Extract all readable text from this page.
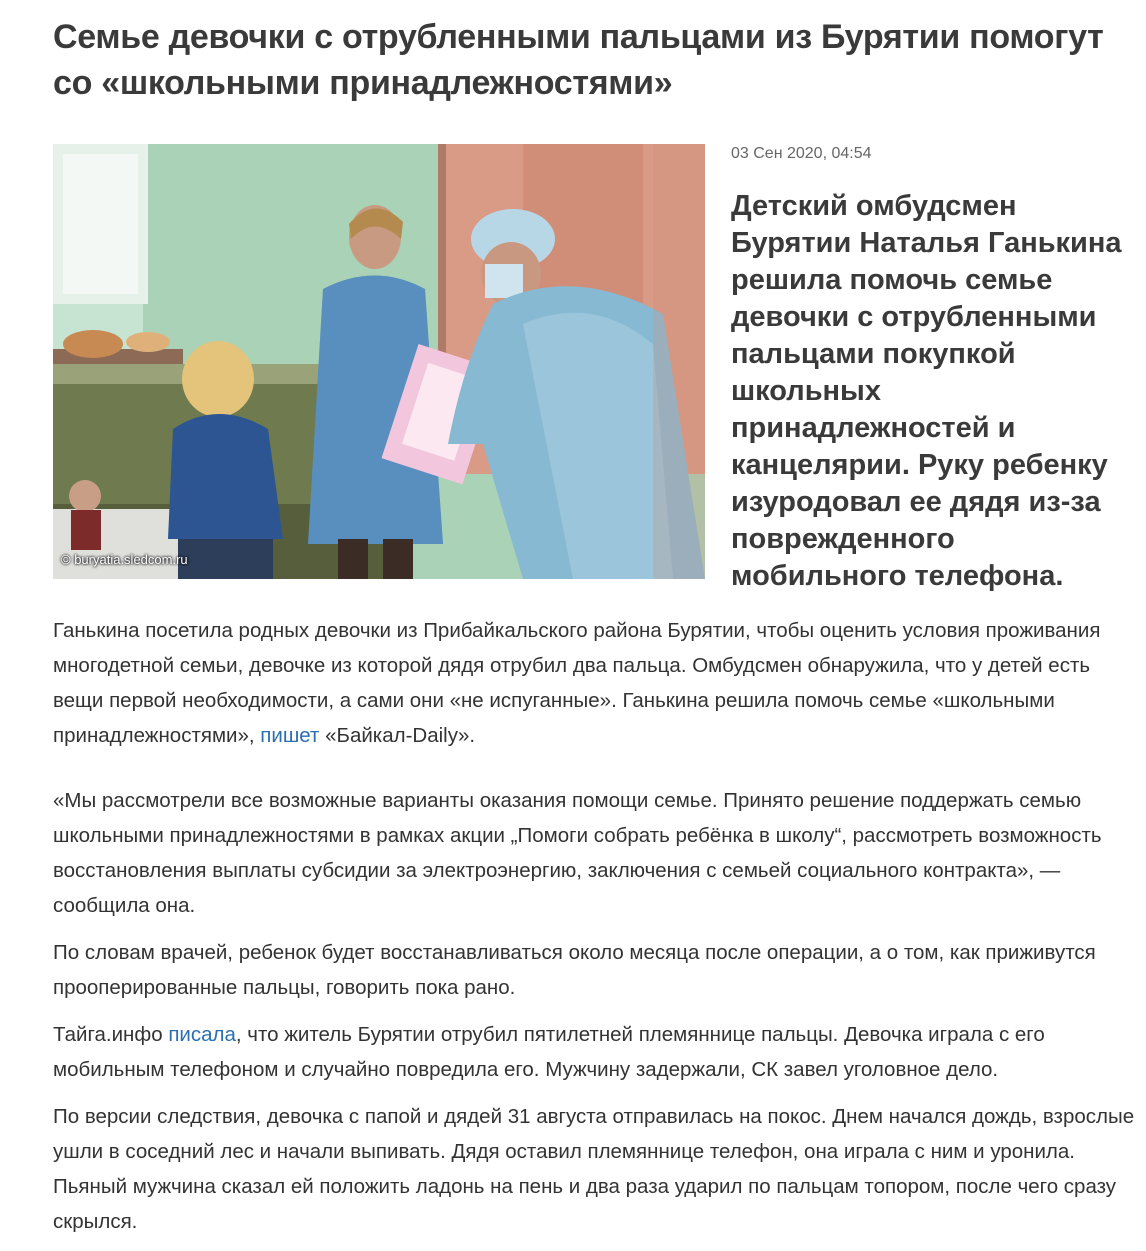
Семье девочки с отрубленными пальцами из Бурятии помогут со «школьными принадлежностями»
© buryatia.sledcom.ru
03 Сен 2020, 04:54

Детский омбудсмен Бурятии Наталья Ганькина решила помочь семье девочки с отрубленными пальцами покупкой школьных принадлежностей и канцелярии. Руку ребенку изуродовал ее дядя из-за поврежденного мобильного телефона.

Ганькина посетила родных девочки из Прибайкальского района Бурятии, чтобы оценить условия проживания многодетной семьи, девочке из которой дядя отрубил два пальца. Омбудсмен обнаружила, что у детей есть вещи первой необходимости, а сами они «не испуганные». Ганькина решила помочь семье «школьными принадлежностями», пишет «Байкал-Daily».

«Мы рассмотрели все возможные варианты оказания помощи семье. Принято решение поддержать семью школьными принадлежностями в рамках акции „Помоги собрать ребёнка в школу“, рассмотреть возможность восстановления выплаты субсидии за электроэнергию, заключения с семьей социального контракта», — сообщила она.

По словам врачей, ребенок будет восстанавливаться около месяца после операции, а о том, как приживутся прооперированные пальцы, говорить пока рано.

Тайга.инфо писала, что житель Бурятии отрубил пятилетней племяннице пальцы. Девочка играла с его мобильным телефоном и случайно повредила его. Мужчину задержали, СК завел уголовное дело.

По версии следствия, девочка с папой и дядей 31 августа отправилась на покос. Днем начался дождь, взрослые ушли в соседний лес и начали выпивать. Дядя оставил племяннице телефон, она играла с ним и уронила. Пьяный мужчина сказал ей положить ладонь на пень и два раза ударил по пальцам топором, после чего сразу скрылся.
